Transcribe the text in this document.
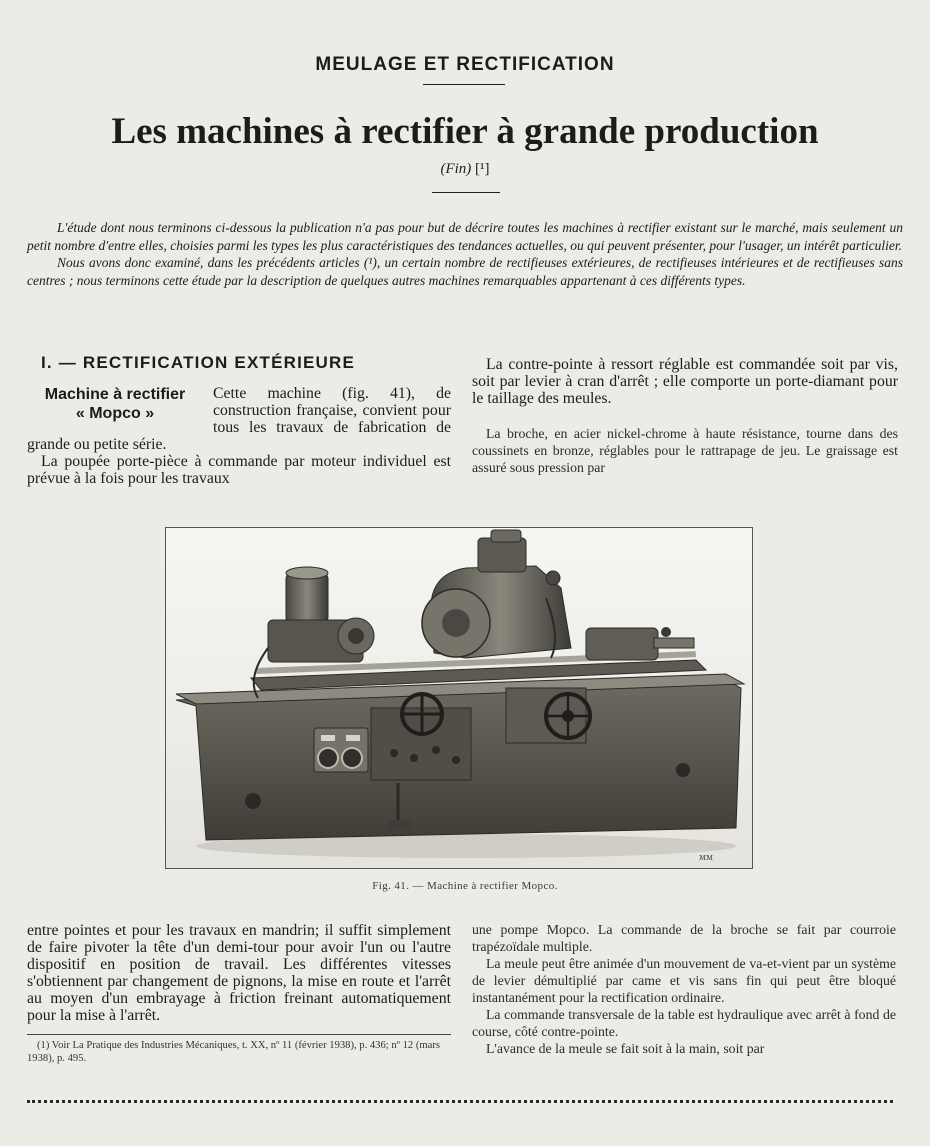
MEULAGE ET RECTIFICATION
Les machines à rectifier à grande production
(Fin) [¹]

L'étude dont nous terminons ci-dessous la publication n'a pas pour but de décrire toutes les machines à rectifier existant sur le marché, mais seulement un petit nombre d'entre elles, choisies parmi les types les plus caractéristiques des tendances actuelles, ou qui peuvent présenter, pour l'usager, un intérêt particulier.

Nous avons donc examiné, dans les précédents articles (¹), un certain nombre de rectifieuses extérieures, de rectifieuses intérieures et de rectifieuses sans centres ; nous terminons cette étude par la description de quelques autres machines remarquables appartenant à ces différents types.

I. — RECTIFICATION EXTÉRIEURE
Machine à rectifier
« Mopco »

Cette machine (fig. 41), de construction française, convient pour tous les travaux de fabrication de grande ou petite série.

La poupée porte-pièce à commande par moteur individuel est prévue à la fois pour les travaux

La contre-pointe à ressort réglable est commandée soit par vis, soit par levier à cran d'arrêt ; elle comporte un porte-diamant pour le taillage des meules.

La broche, en acier nickel-chrome à haute résistance, tourne dans des coussinets en bronze, réglables pour le rattrapage de jeu. Le graissage est assuré sous pression par

ᴍᴍ
Fig. 41. — Machine à rectifier Mopco.

entre pointes et pour les travaux en mandrin; il suffit simplement de faire pivoter la tête d'un demi-tour pour avoir l'un ou l'autre dispositif en position de travail. Les différentes vitesses s'obtiennent par changement de pignons, la mise en route et l'arrêt au moyen d'un embrayage à friction freinant automatiquement pour la mise à l'arrêt.

(1) Voir La Pratique des Industries Mécaniques, t. XX, nº 11 (février 1938), p. 436; nº 12 (mars 1938), p. 495.

une pompe Mopco. La commande de la broche se fait par courroie trapézoïdale multiple.

La meule peut être animée d'un mouvement de va-et-vient par un système de levier démultiplié par came et vis sans fin qui peut être bloqué instantanément pour la rectification ordinaire.

La commande transversale de la table est hydraulique avec arrêt à fond de course, côté contre-pointe.

L'avance de la meule se fait soit à la main, soit par
